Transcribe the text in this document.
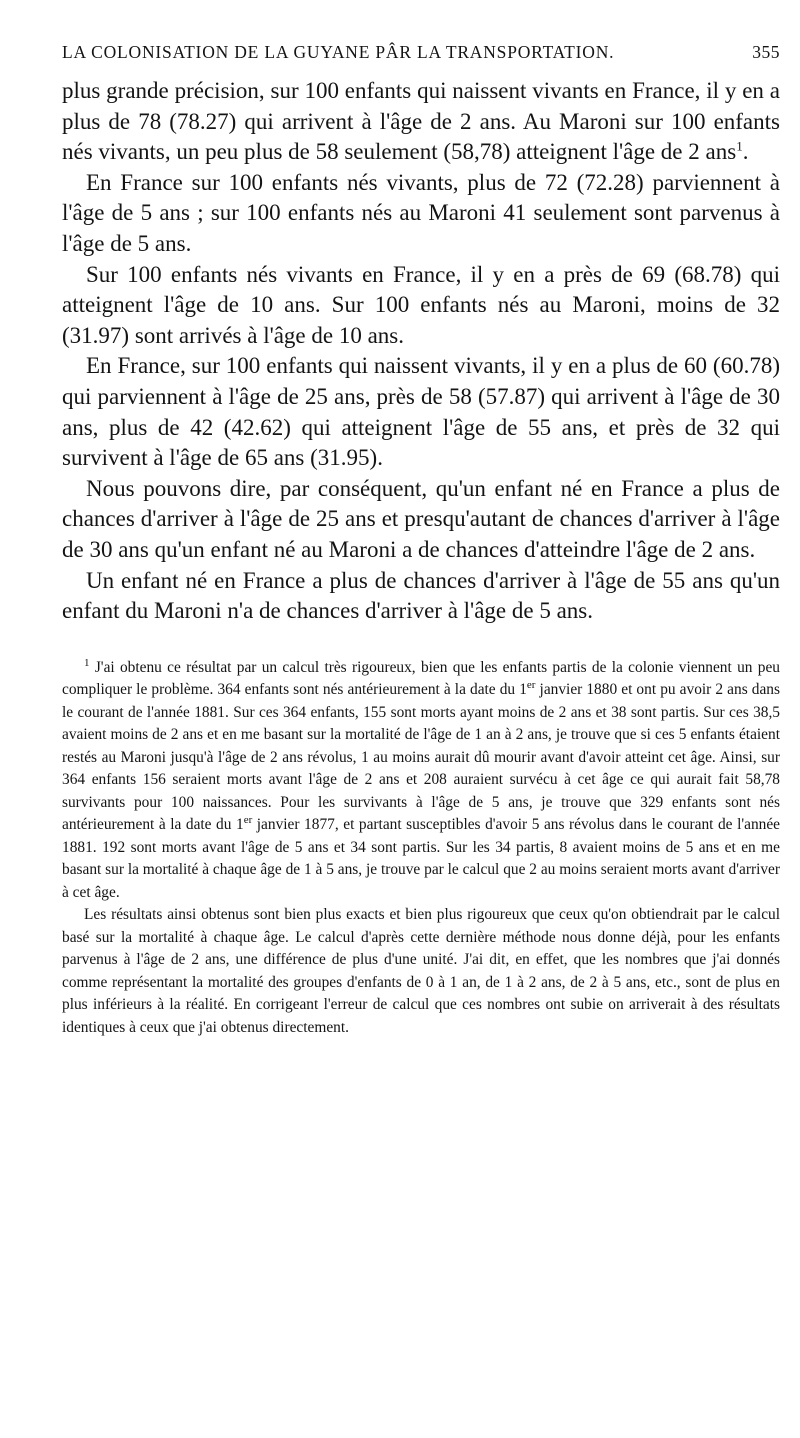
LA COLONISATION DE LA GUYANE PÂR LA TRANSPORTATION.	355

plus grande précision, sur 100 enfants qui naissent vivants en France, il y en a plus de 78 (78.27) qui arrivent à l'âge de 2 ans. Au Maroni sur 100 enfants nés vivants, un peu plus de 58 seulement (58,78) atteignent l'âge de 2 ans$^1$.

En France sur 100 enfants nés vivants, plus de 72 (72.28) parviennent à l'âge de 5 ans ; sur 100 enfants nés au Maroni 41 seulement sont parvenus à l'âge de 5 ans.

Sur 100 enfants nés vivants en France, il y en a près de 69 (68.78) qui atteignent l'âge de 10 ans. Sur 100 enfants nés au Maroni, moins de 32 (31.97) sont arrivés à l'âge de 10 ans.

En France, sur 100 enfants qui naissent vivants, il y en a plus de 60 (60.78) qui parviennent à l'âge de 25 ans, près de 58 (57.87) qui arrivent à l'âge de 30 ans, plus de 42 (42.62) qui atteignent l'âge de 55 ans, et près de 32 qui survivent à l'âge de 65 ans (31.95).

Nous pouvons dire, par conséquent, qu'un enfant né en France a plus de chances d'arriver à l'âge de 25 ans et presqu'autant de chances d'arriver à l'âge de 30 ans qu'un enfant né au Maroni a de chances d'atteindre l'âge de 2 ans.

Un enfant né en France a plus de chances d'arriver à l'âge de 55 ans qu'un enfant du Maroni n'a de chances d'arriver à l'âge de 5 ans.

$^1$ J'ai obtenu ce résultat par un calcul très rigoureux, bien que les enfants partis de la colonie viennent un peu compliquer le problème. 364 enfants sont nés antérieurement à la date du 1er janvier 1880 et ont pu avoir 2 ans dans le courant de l'année 1881. Sur ces 364 enfants, 155 sont morts ayant moins de 2 ans et 38 sont partis. Sur ces 38,5 avaient moins de 2 ans et en me basant sur la mortalité de l'âge de 1 an à 2 ans, je trouve que si ces 5 enfants étaient restés au Maroni jusqu'à l'âge de 2 ans révolus, 1 au moins aurait dû mourir avant d'avoir atteint cet âge. Ainsi, sur 364 enfants 156 seraient morts avant l'âge de 2 ans et 208 auraient survécu à cet âge ce qui aurait fait 58,78 survivants pour 100 naissances. Pour les survivants à l'âge de 5 ans, je trouve que 329 enfants sont nés antérieurement à la date du 1er janvier 1877, et partant susceptibles d'avoir 5 ans révolus dans le courant de l'année 1881. 192 sont morts avant l'âge de 5 ans et 34 sont partis. Sur les 34 partis, 8 avaient moins de 5 ans et en me basant sur la mortalité à chaque âge de 1 à 5 ans, je trouve par le calcul que 2 au moins seraient morts avant d'arriver à cet âge.

Les résultats ainsi obtenus sont bien plus exacts et bien plus rigoureux que ceux qu'on obtiendrait par le calcul basé sur la mortalité à chaque âge. Le calcul d'après cette dernière méthode nous donne déjà, pour les enfants parvenus à l'âge de 2 ans, une différence de plus d'une unité. J'ai dit, en effet, que les nombres que j'ai donnés comme représentant la mortalité des groupes d'enfants de 0 à 1 an, de 1 à 2 ans, de 2 à 5 ans, etc., sont de plus en plus inférieurs à la réalité. En corrigeant l'erreur de calcul que ces nombres ont subie on arriverait à des résultats identiques à ceux que j'ai obtenus directement.
